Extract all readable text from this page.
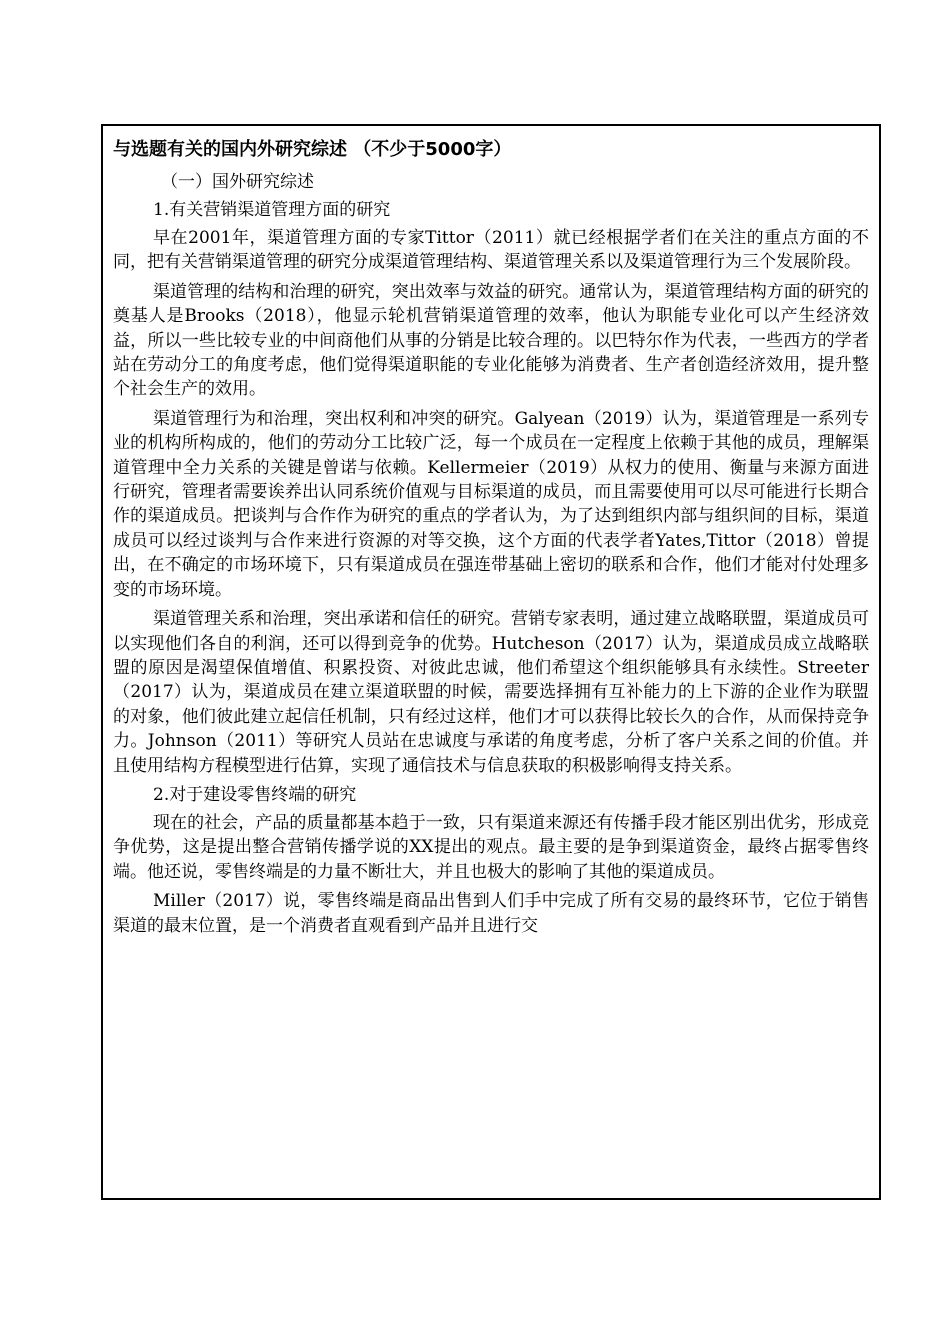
与选题有关的国内外研究综述 （不少于5000字）
（一）国外研究综述
1.有关营销渠道管理方面的研究

早在2001年，渠道管理方面的专家Tittor（2011）就已经根据学者们在关注的重点方面的不同，把有关营销渠道管理的研究分成渠道管理结构、渠道管理关系以及渠道管理行为三个发展阶段。

渠道管理的结构和治理的研究，突出效率与效益的研究。通常认为，渠道管理结构方面的研究的奠基人是Brooks（2018），他显示轮机营销渠道管理的效率，他认为职能专业化可以产生经济效益，所以一些比较专业的中间商他们从事的分销是比较合理的。以巴特尔作为代表，一些西方的学者站在劳动分工的角度考虑，他们觉得渠道职能的专业化能够为消费者、生产者创造经济效用，提升整个社会生产的效用。

渠道管理行为和治理，突出权利和冲突的研究。Galyean（2019）认为，渠道管理是一系列专业的机构所构成的，他们的劳动分工比较广泛，每一个成员在一定程度上依赖于其他的成员，理解渠道管理中全力关系的关键是曾诺与依赖。Kellermeier（2019）从权力的使用、衡量与来源方面进行研究，管理者需要诶养出认同系统价值观与目标渠道的成员，而且需要使用可以尽可能进行长期合作的渠道成员。把谈判与合作作为研究的重点的学者认为，为了达到组织内部与组织间的目标，渠道成员可以经过谈判与合作来进行资源的对等交换，这个方面的代表学者Yates,Tittor（2018）曾提出，在不确定的市场环境下，只有渠道成员在强连带基础上密切的联系和合作，他们才能对付处理多变的市场环境。

渠道管理关系和治理，突出承诺和信任的研究。营销专家表明，通过建立战略联盟，渠道成员可以实现他们各自的利润，还可以得到竞争的优势。Hutcheson（2017）认为，渠道成员成立战略联盟的原因是渴望保值增值、积累投资、对彼此忠诚，他们希望这个组织能够具有永续性。Streeter（2017）认为，渠道成员在建立渠道联盟的时候，需要选择拥有互补能力的上下游的企业作为联盟的对象，他们彼此建立起信任机制，只有经过这样，他们才可以获得比较长久的合作，从而保持竞争力。Johnson（2011）等研究人员站在忠诚度与承诺的角度考虑，分析了客户关系之间的价值。并且使用结构方程模型进行估算，实现了通信技术与信息获取的积极影响得支持关系。

2.对于建设零售终端的研究

现在的社会，产品的质量都基本趋于一致，只有渠道来源还有传播手段才能区别出优劣，形成竞争优势，这是提出整合营销传播学说的XX提出的观点。最主要的是争到渠道资金，最终占据零售终端。他还说，零售终端是的力量不断壮大，并且也极大的影响了其他的渠道成员。

Miller（2017）说，零售终端是商品出售到人们手中完成了所有交易的最终环节，它位于销售渠道的最末位置，是一个消费者直观看到产品并且进行交
